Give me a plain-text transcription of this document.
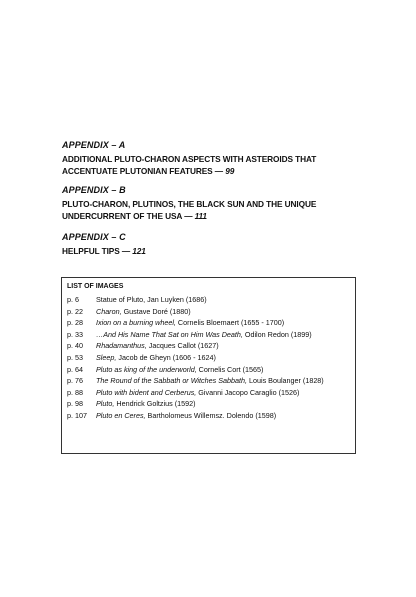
APPENDIX – A
ADDITIONAL PLUTO-CHARON ASPECTS WITH ASTEROIDS THAT ACCENTUATE PLUTONIAN FEATURES — 99
APPENDIX – B
PLUTO-CHARON, PLUTINOS, THE BLACK SUN AND THE UNIQUE UNDERCURRENT OF THE USA — 111
APPENDIX – C
HELPFUL TIPS — 121
LIST OF IMAGES
p. 6	Statue of Pluto, Jan Luyken (1686)
p. 22	Charon, Gustave Doré (1880)
p. 28	Ixion on a burning wheel, Cornelis Bloemaert (1655 - 1700)
p. 33	…And His Name That Sat on Him Was Death, Odilon Redon (1899)
p. 40	Rhadamanthus, Jacques Callot (1627)
p. 53	Sleep, Jacob de Gheyn (1606 - 1624)
p. 64	Pluto as king of the underworld, Cornelis Cort (1565)
p. 76	The Round of the Sabbath or Witches Sabbath, Louis Boulanger (1828)
p. 88	Pluto with bident and Cerberus, Givanni Jacopo Caraglio (1526)
p. 98	Pluto, Hendrick Goltzius (1592)
p. 107	Pluto en Ceres, Bartholomeus Willemsz. Dolendo (1598)
